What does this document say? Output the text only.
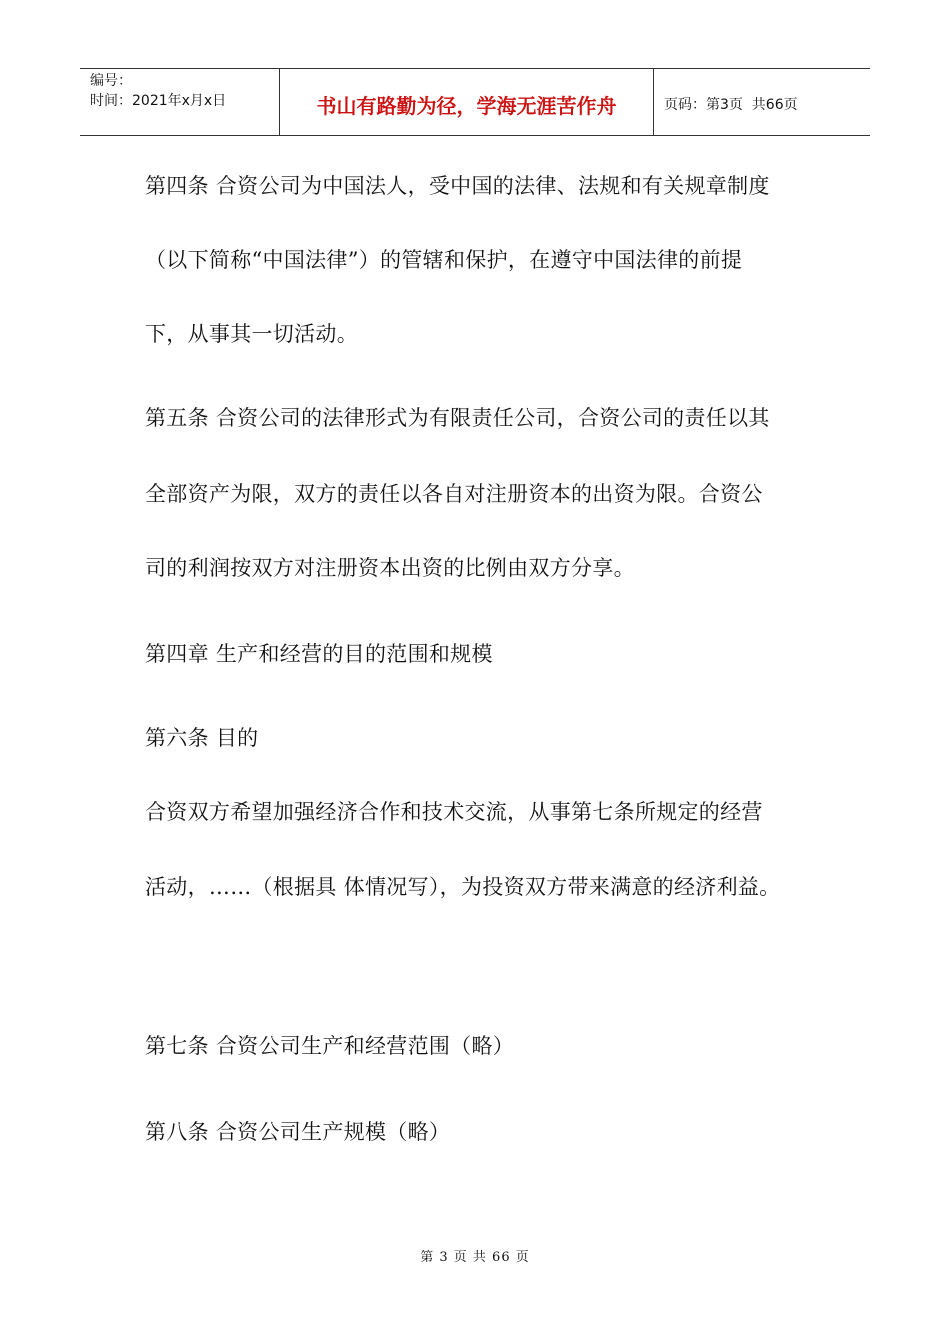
编号：
时间：2021年x月x日	书山有路勤为径，学海无涯苦作舟	页码：第3页  共66页
第四条 合资公司为中国法人，受中国的法律、法规和有关规章制度
（以下简称“中国法律”）的管辖和保护，在遵守中国法律的前提
下，从事其一切活动。
第五条 合资公司的法律形式为有限责任公司，合资公司的责任以其
全部资产为限，双方的责任以各自对注册资本的出资为限。合资公
司的利润按双方对注册资本出资的比例由双方分享。
第四章 生产和经营的目的范围和规模
第六条 目的
合资双方希望加强经济合作和技术交流，从事第七条所规定的经营
活动，……（根据具 体情况写），为投资双方带来满意的经济利益。
第七条 合资公司生产和经营范围（略）
第八条 合资公司生产规模（略）
第 3 页 共 66 页
